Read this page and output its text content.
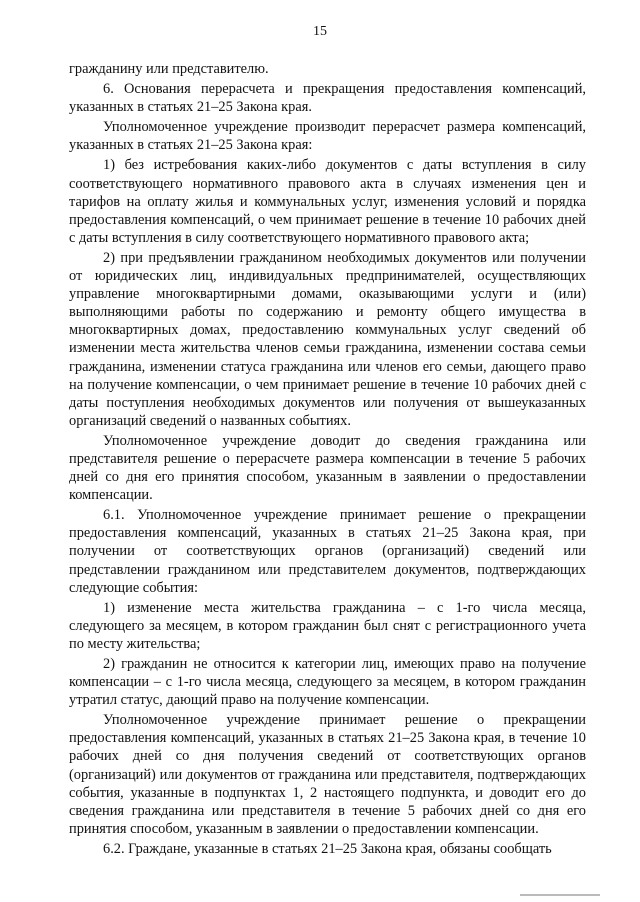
15

гражданину или представителю.

6. Основания перерасчета и прекращения предоставления компенсаций, указанных в статьях 21–25 Закона края.

Уполномоченное учреждение производит перерасчет размера компенсаций, указанных в статьях 21–25 Закона края:

1) без истребования каких-либо документов с даты вступления в силу соответствующего нормативного правового акта в случаях изменения цен и тарифов на оплату жилья и коммунальных услуг, изменения условий и порядка предоставления компенсаций, о чем принимает решение в течение 10 рабочих дней с даты вступления в силу соответствующего нормативного правового акта;

2) при предъявлении гражданином необходимых документов или получении от юридических лиц, индивидуальных предпринимателей, осуществляющих управление многоквартирными домами, оказывающими услуги и (или) выполняющими работы по содержанию и ремонту общего имущества в многоквартирных домах, предоставлению коммунальных услуг сведений об изменении места жительства членов семьи гражданина, изменении состава семьи гражданина, изменении статуса гражданина или членов его семьи, дающего право на получение компенсации, о чем принимает решение в течение 10 рабочих дней с даты поступления необходимых документов или получения от вышеуказанных организаций сведений о названных событиях.

Уполномоченное учреждение доводит до сведения гражданина или представителя решение о перерасчете размера компенсации в течение 5 рабочих дней со дня его принятия способом, указанным в заявлении о предоставлении компенсации.

6.1. Уполномоченное учреждение принимает решение о прекращении предоставления компенсаций, указанных в статьях 21–25 Закона края, при получении от соответствующих органов (организаций) сведений или представлении гражданином или представителем документов, подтверждающих следующие события:

1) изменение места жительства гражданина – с 1-го числа месяца, следующего за месяцем, в котором гражданин был снят с регистрационного учета по месту жительства;

2) гражданин не относится к категории лиц, имеющих право на получение компенсации – с 1-го числа месяца, следующего за месяцем, в котором гражданин утратил статус, дающий право на получение компенсации.

Уполномоченное учреждение принимает решение о прекращении предоставления компенсаций, указанных в статьях 21–25 Закона края, в течение 10 рабочих дней со дня получения сведений от соответствующих органов (организаций) или документов от гражданина или представителя, подтверждающих события, указанные в подпунктах 1, 2 настоящего подпункта, и доводит его до сведения гражданина или представителя в течение 5 рабочих дней со дня его принятия способом, указанным в заявлении о предоставлении компенсации.

6.2. Граждане, указанные в статьях 21–25 Закона края, обязаны сообщать
